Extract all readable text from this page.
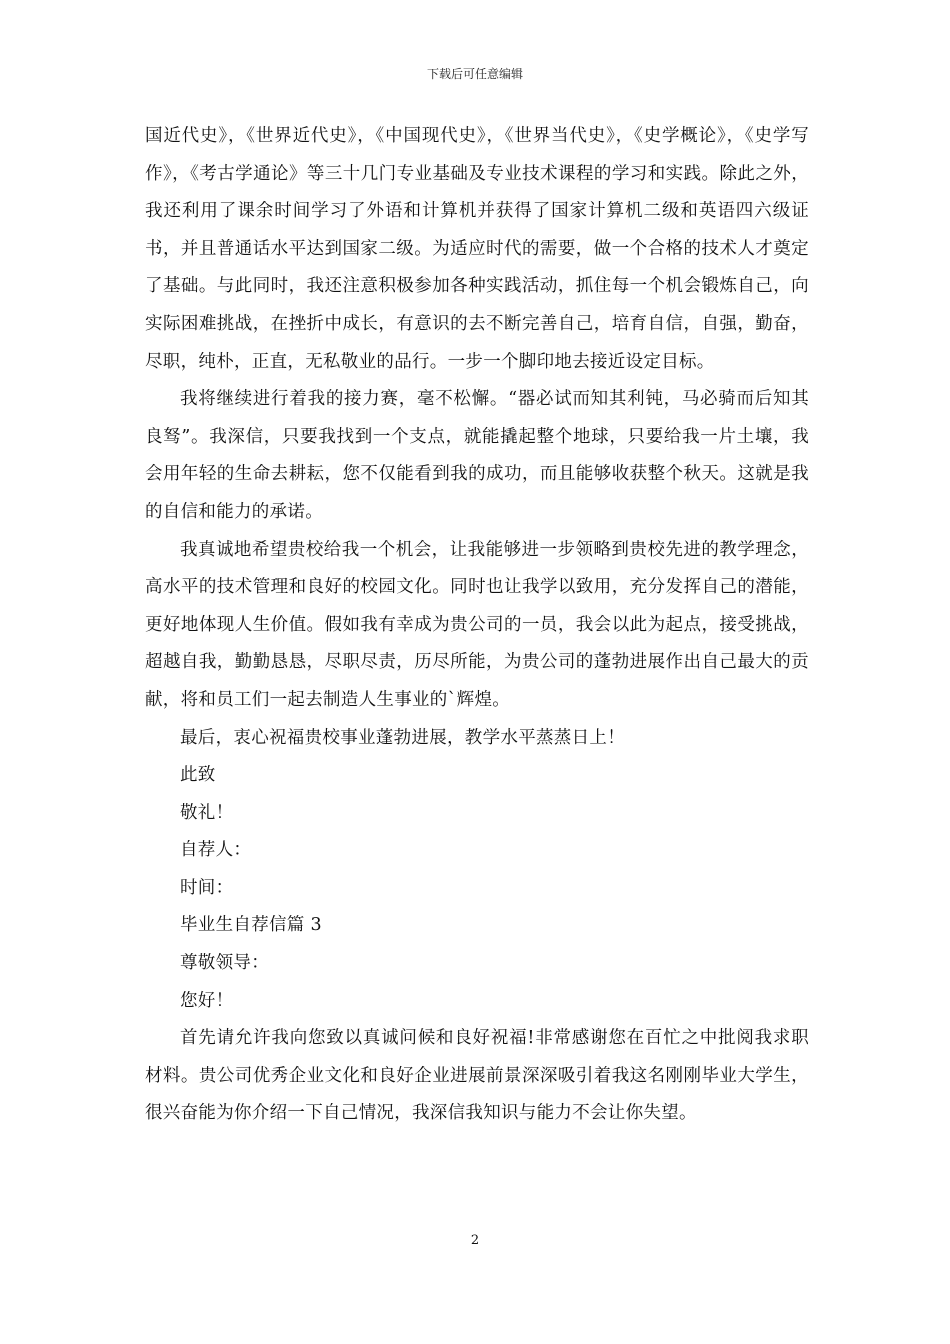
下载后可任意编辑

国近代史》，《世界近代史》，《中国现代史》，《世界当代史》，《史学概论》，《史学写作》，《考古学通论》等三十几门专业基础及专业技术课程的学习和实践。除此之外，我还利用了课余时间学习了外语和计算机并获得了国家计算机二级和英语四六级证书，并且普通话水平达到国家二级。为适应时代的需要，做一个合格的技术人才奠定了基础。与此同时，我还注意积极参加各种实践活动，抓住每一个机会锻炼自己，向实际困难挑战，在挫折中成长，有意识的去不断完善自己，培育自信，自强，勤奋，尽职，纯朴，正直，无私敬业的品行。一步一个脚印地去接近设定目标。

我将继续进行着我的接力赛，毫不松懈。“器必试而知其利钝，马必骑而后知其良驽”。我深信，只要我找到一个支点，就能撬起整个地球，只要给我一片土壤，我会用年轻的生命去耕耘，您不仅能看到我的成功，而且能够收获整个秋天。这就是我的自信和能力的承诺。

我真诚地希望贵校给我一个机会，让我能够进一步领略到贵校先进的教学理念，高水平的技术管理和良好的校园文化。同时也让我学以致用，充分发挥自己的潜能，更好地体现人生价值。假如我有幸成为贵公司的一员，我会以此为起点，接受挑战，超越自我，勤勤恳恳，尽职尽责，历尽所能，为贵公司的蓬勃进展作出自己最大的贡献，将和员工们一起去制造人生事业的`辉煌。

最后，衷心祝福贵校事业蓬勃进展，教学水平蒸蒸日上！

此致

敬礼！

自荐人：

时间：

毕业生自荐信篇 3

尊敬领导：

您好！

首先请允许我向您致以真诚问候和良好祝福!非常感谢您在百忙之中批阅我求职材料。贵公司优秀企业文化和良好企业进展前景深深吸引着我这名刚刚毕业大学生，很兴奋能为你介绍一下自己情况，我深信我知识与能力不会让你失望。

2
